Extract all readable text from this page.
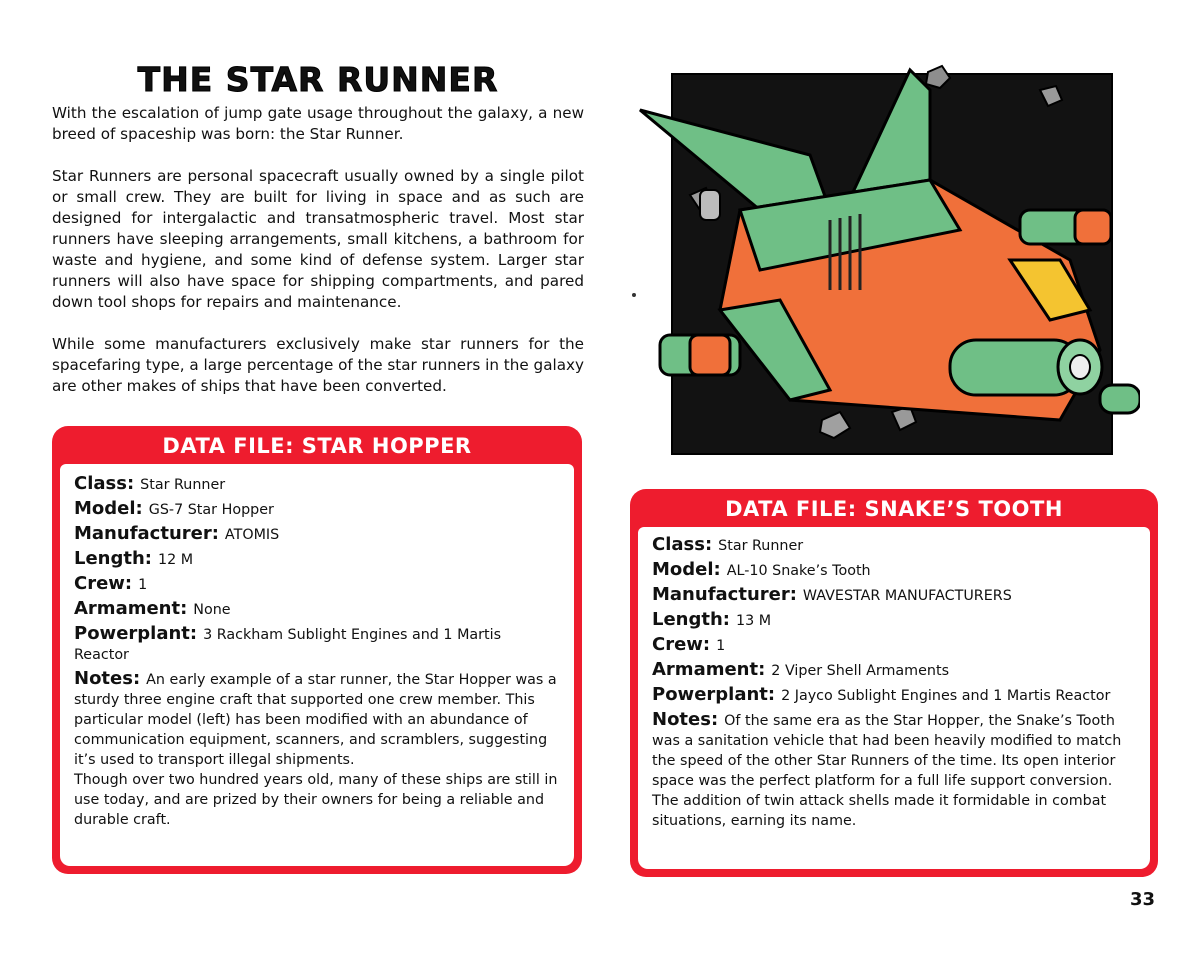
THE STAR RUNNER

With the escalation of jump gate usage throughout the galaxy, a new breed of spaceship was born: the Star Runner.

Star Runners are personal spacecraft usually owned by a single pilot or small crew. They are built for living in space and as such are designed for intergalactic and transatmospheric travel. Most star runners have sleeping arrangements, small kitchens, a bathroom for waste and hygiene, and some kind of defense system. Larger star runners will also have space for shipping compartments, and pared down tool shops for repairs and maintenance.

While some manufacturers exclusively make star runners for the spacefaring type, a large percentage of the star runners in the galaxy are other makes of ships that have been converted.

DATA FILE: STAR HOPPER
Class: Star Runner
Model: GS-7 Star Hopper
Manufacturer: ATOMIS
Length: 12 M
Crew: 1
Armament: None
Powerplant: 3 Rackham Sublight Engines and 1 Martis Reactor
Notes: An early example of a star runner, the Star Hopper was a sturdy three engine craft that supported one crew member. This particular model (left) has been modified with an abundance of communication equipment, scanners, and scramblers, suggesting it’s used to transport illegal shipments.
Though over two hundred years old, many of these ships are still in use today, and are prized by their owners for being a reliable and durable craft.
DATA FILE: SNAKE’S TOOTH
Class: Star Runner
Model: AL-10 Snake’s Tooth
Manufacturer: WAVESTAR MANUFACTURERS
Length: 13 M
Crew: 1
Armament: 2 Viper Shell Armaments
Powerplant: 2 Jayco Sublight Engines and 1 Martis Reactor
Notes: Of the same era as the Star Hopper, the Snake’s Tooth was a sanitation vehicle that had been heavily modified to match the speed of the other Star Runners of the time. Its open interior space was the perfect platform for a full life support conversion. The addition of twin attack shells made it formidable in combat situations, earning its name.
33
